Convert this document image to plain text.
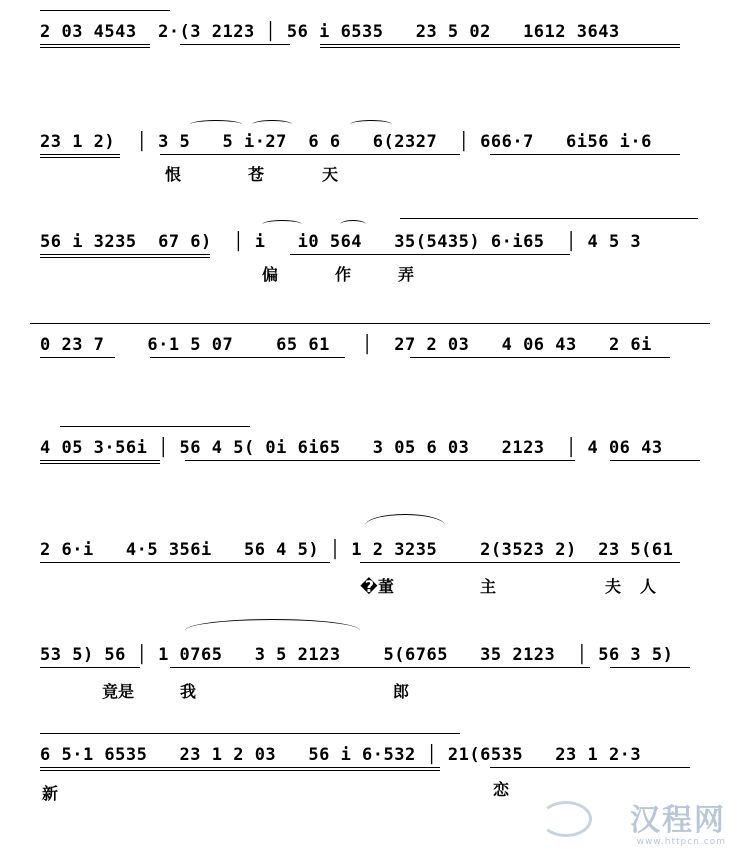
2 03 4543  2·(3 2123 │ 56 i 6535   23 5 02   1612 3643
23 1 2)  │ 3 5   5 i·27  6 6   6(2327  │ 666·7   6i56 i·6
恨	苍	天
56 i 3235  67 6)  │ i   i0 564   35(5435) 6·i65  │ 4 5 3
偏	作	弄
0 23 7    6·1 5 07    65 61   │  27 2 03   4 06 43   2 6i
4 05 3·56i │ 56 4 5( 0i 6i65   3 05 6 03   2123  │ 4 06 43
2 6·i   4·5 356i   56 4 5) │ 1 2 3235    2(3523 2)  23 5(61
�董	主	夫 人
53 5) 56 │ 1 0765   3 5 2123    5(6765   35 2123  │ 56 3 5)
竟是	我	郎
6 5·1 6535   23 1 2 03   56 i 6·532 │ 21(6535   23 1 2·3
新	恋
汉程网
www.httpcn.com
